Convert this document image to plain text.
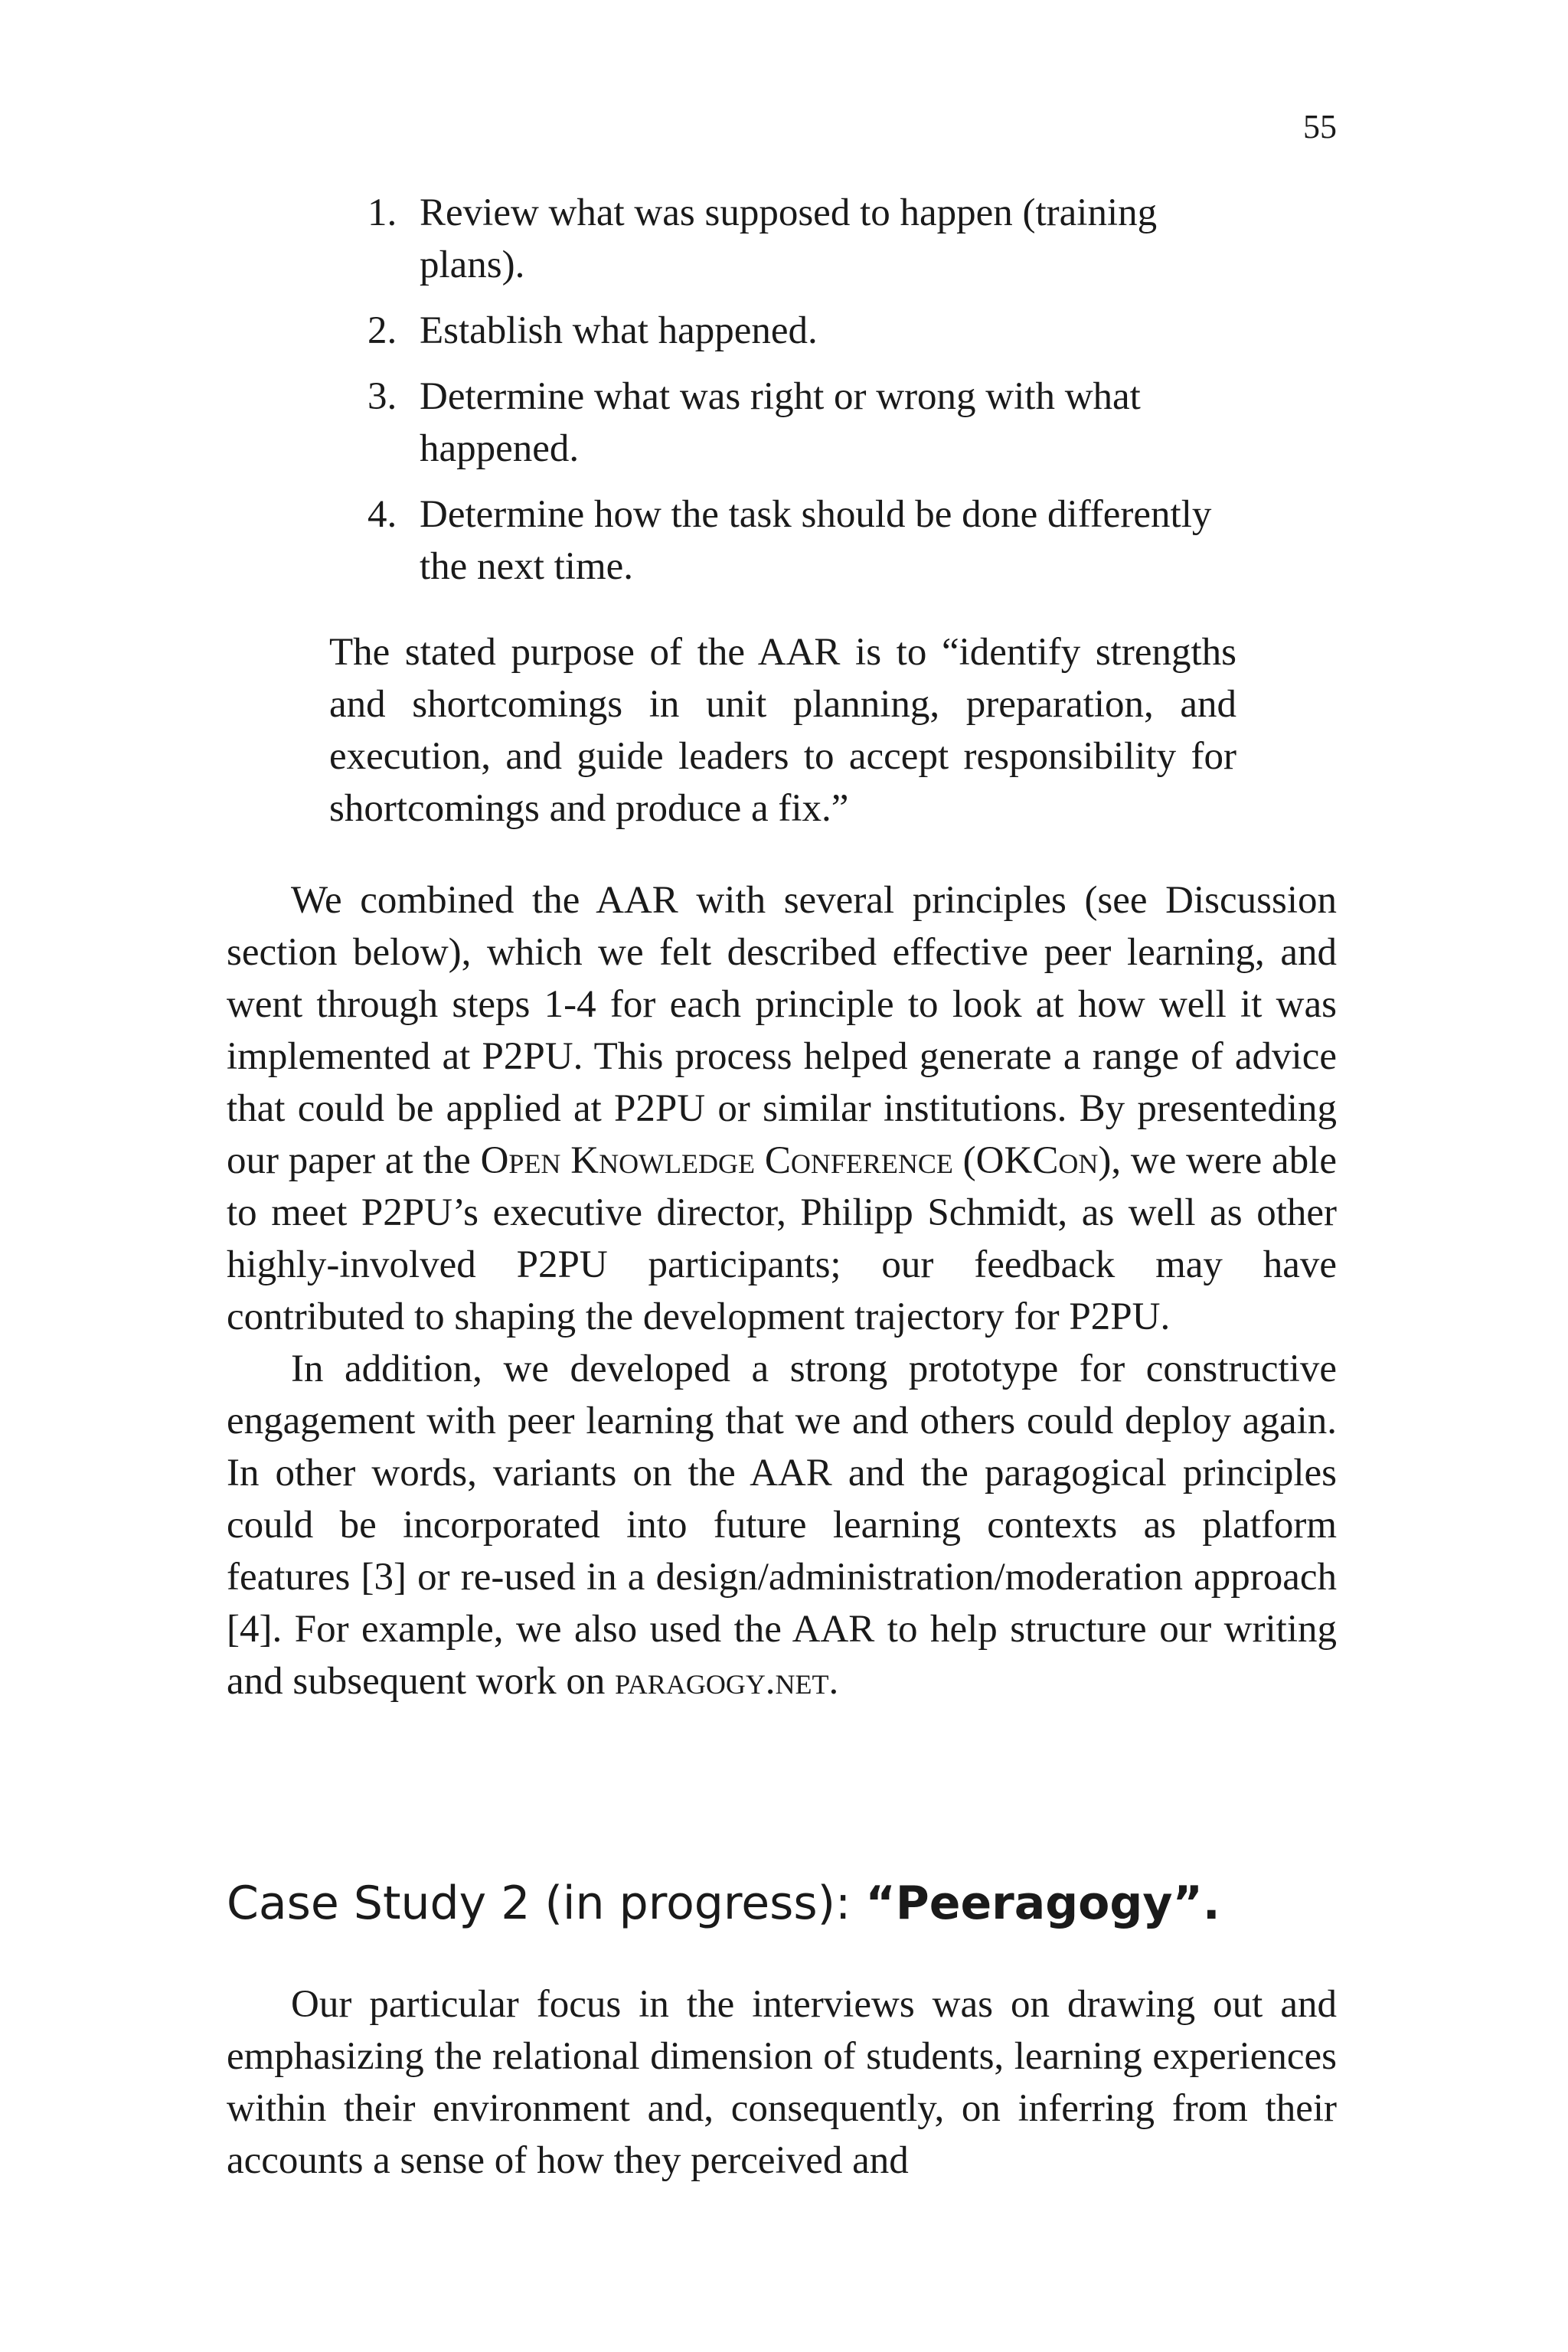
55
1. Review what was supposed to happen (training plans).
2. Establish what happened.
3. Determine what was right or wrong with what happened.
4. Determine how the task should be done differently the next time.
The stated purpose of the AAR is to “identify strengths and shortcomings in unit planning, preparation, and execution, and guide leaders to accept responsibility for shortcomings and produce a fix.”

We combined the AAR with several principles (see Discussion section below), which we felt described effective peer learning, and went through steps 1-4 for each principle to look at how well it was implemented at P2PU. This process helped generate a range of advice that could be applied at P2PU or similar institutions. By presenteding our paper at the Open Knowledge Conference (OKCon), we were able to meet P2PU’s executive director, Philipp Schmidt, as well as other highly-involved P2PU participants; our feedback may have contributed to shaping the development trajectory for P2PU.

In addition, we developed a strong prototype for constructive engagement with peer learning that we and others could deploy again. In other words, variants on the AAR and the paragogical principles could be incorporated into future learning contexts as platform features [3] or re-used in a design/administration/moderation approach [4]. For example, we also used the AAR to help structure our writing and subsequent work on paragogy.net.

Case Study 2 (in progress): “Peeragogy”.

Our particular focus in the interviews was on drawing out and emphasizing the relational dimension of students, learning experiences within their environment and, consequently, on inferring from their accounts a sense of how they perceived and
